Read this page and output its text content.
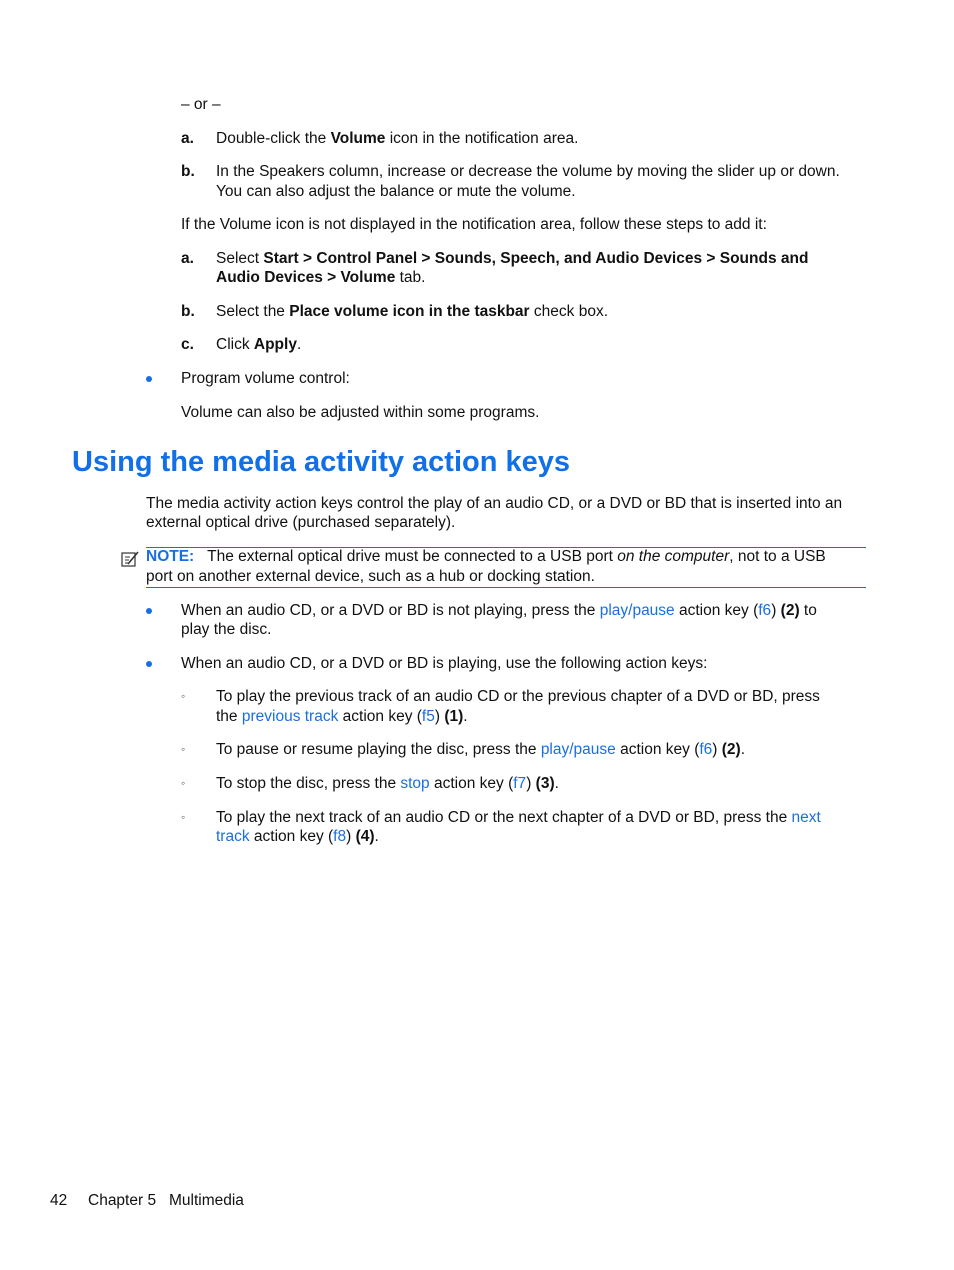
– or –
a. Double-click the Volume icon in the notification area.
b. In the Speakers column, increase or decrease the volume by moving the slider up or down.
You can also adjust the balance or mute the volume.
If the Volume icon is not displayed in the notification area, follow these steps to add it:
a. Select Start > Control Panel > Sounds, Speech, and Audio Devices > Sounds and
Audio Devices > Volume tab.
b. Select the Place volume icon in the taskbar check box.
c. Click Apply.
Program volume control:
Volume can also be adjusted within some programs.
Using the media activity action keys
The media activity action keys control the play of an audio CD, or a DVD or BD that is inserted into an
external optical drive (purchased separately).
NOTE: The external optical drive must be connected to a USB port on the computer, not to a USB
port on another external device, such as a hub or docking station.
When an audio CD, or a DVD or BD is not playing, press the play/pause action key (f6) (2) to
play the disc.
When an audio CD, or a DVD or BD is playing, use the following action keys:
◦ To play the previous track of an audio CD or the previous chapter of a DVD or BD, press
the previous track action key (f5) (1).
◦ To pause or resume playing the disc, press the play/pause action key (f6) (2).
◦ To stop the disc, press the stop action key (f7) (3).
◦ To play the next track of an audio CD or the next chapter of a DVD or BD, press the next
track action key (f8) (4).
42 Chapter 5   Multimedia
